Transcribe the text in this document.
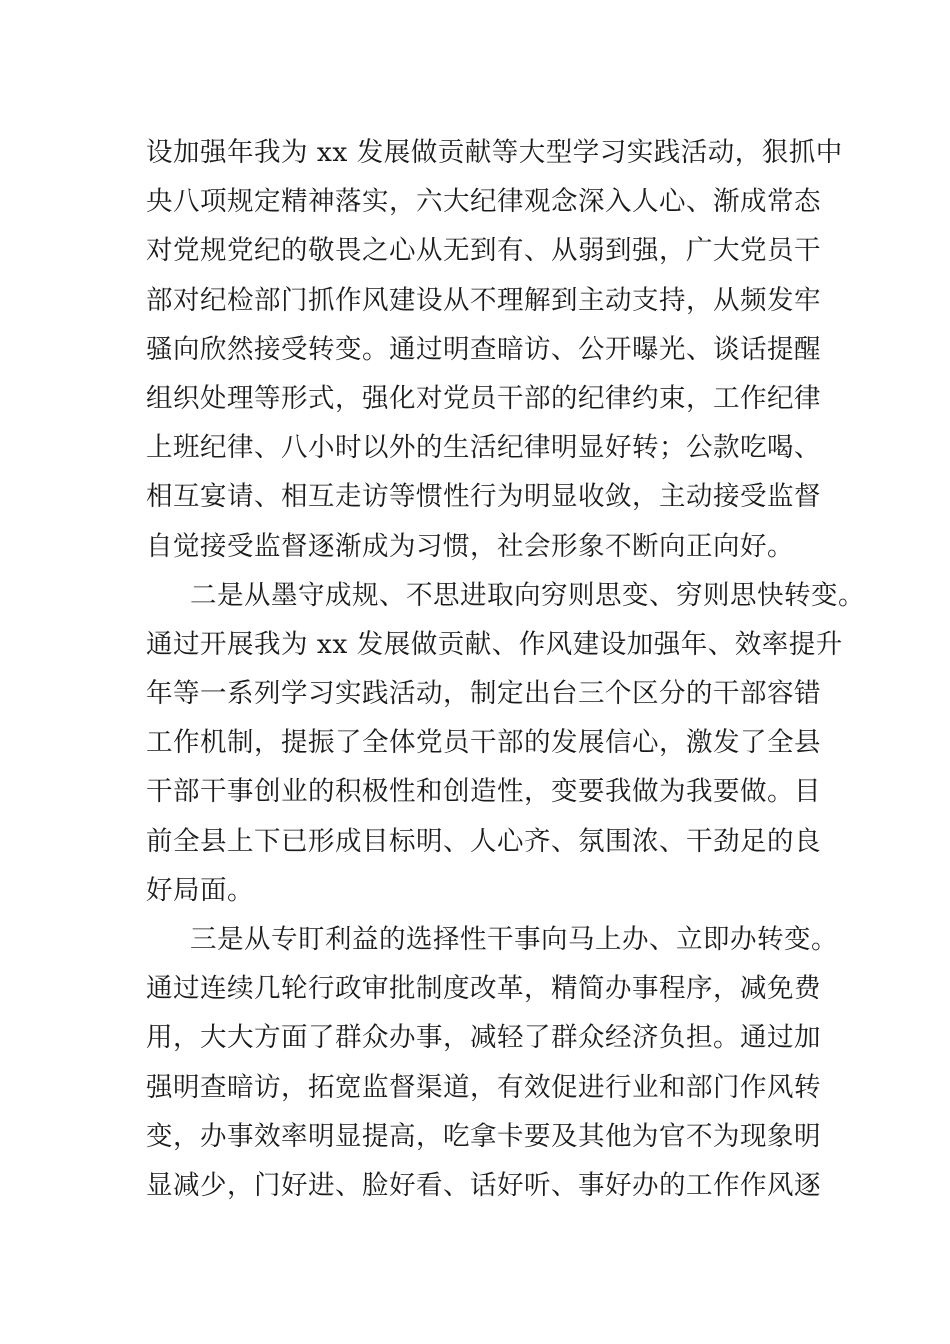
设加强年我为 xx 发展做贡献等大型学习实践活动，狠抓中
央八项规定精神落实，六大纪律观念深入人心、渐成常态
对党规党纪的敬畏之心从无到有、从弱到强，广大党员干
部对纪检部门抓作风建设从不理解到主动支持，从频发牢
骚向欣然接受转变。通过明查暗访、公开曝光、谈话提醒
组织处理等形式，强化对党员干部的纪律约束，工作纪律
上班纪律、八小时以外的生活纪律明显好转；公款吃喝、
相互宴请、相互走访等惯性行为明显收敛，主动接受监督
自觉接受监督逐渐成为习惯，社会形象不断向正向好。
二是从墨守成规、不思进取向穷则思变、穷则思快转变。
通过开展我为 xx 发展做贡献、作风建设加强年、效率提升
年等一系列学习实践活动，制定出台三个区分的干部容错
工作机制，提振了全体党员干部的发展信心，激发了全县
干部干事创业的积极性和创造性，变要我做为我要做。目
前全县上下已形成目标明、人心齐、氛围浓、干劲足的良
好局面。
三是从专盯利益的选择性干事向马上办、立即办转变。
通过连续几轮行政审批制度改革，精简办事程序，减免费
用，大大方面了群众办事，减轻了群众经济负担。通过加
强明查暗访，拓宽监督渠道，有效促进行业和部门作风转
变，办事效率明显提高，吃拿卡要及其他为官不为现象明
显减少，门好进、脸好看、话好听、事好办的工作作风逐
